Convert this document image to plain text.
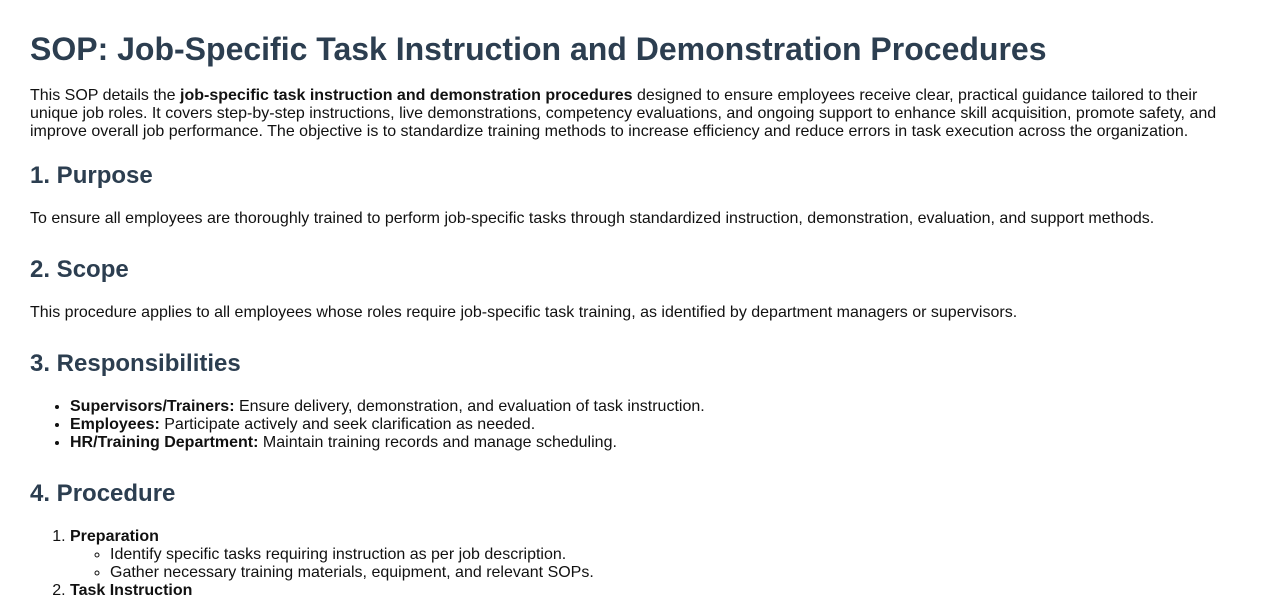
SOP: Job-Specific Task Instruction and Demonstration Procedures

This SOP details the job-specific task instruction and demonstration procedures designed to ensure employees receive clear, practical guidance tailored to their unique job roles. It covers step-by-step instructions, live demonstrations, competency evaluations, and ongoing support to enhance skill acquisition, promote safety, and improve overall job performance. The objective is to standardize training methods to increase efficiency and reduce errors in task execution across the organization.

1. Purpose

To ensure all employees are thoroughly trained to perform job-specific tasks through standardized instruction, demonstration, evaluation, and support methods.

2. Scope

This procedure applies to all employees whose roles require job-specific task training, as identified by department managers or supervisors.

3. Responsibilities
• Supervisors/Trainers: Ensure delivery, demonstration, and evaluation of task instruction.
• Employees: Participate actively and seek clarification as needed.
• HR/Training Department: Maintain training records and manage scheduling.
4. Procedure
1. Preparation
◦ Identify specific tasks requiring instruction as per job description.
◦ Gather necessary training materials, equipment, and relevant SOPs.
2. Task Instruction
